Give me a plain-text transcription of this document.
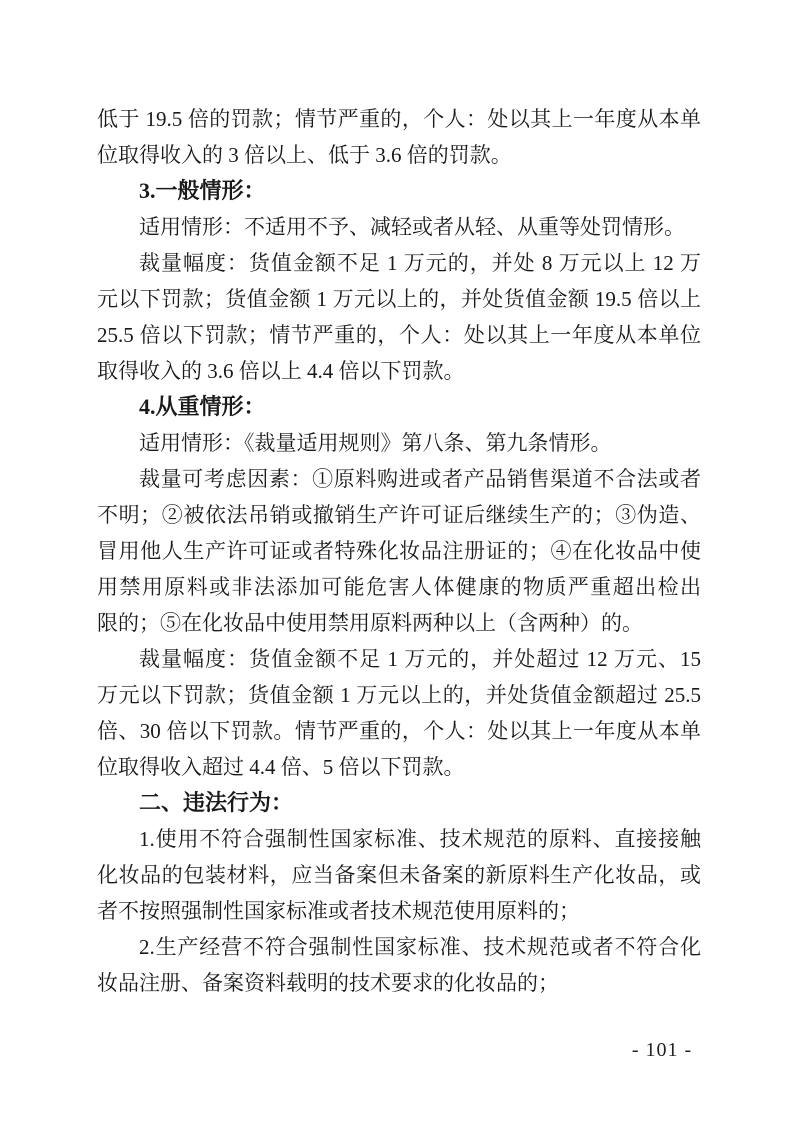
低于 19.5 倍的罚款；情节严重的，个人：处以其上一年度从本单
位取得收入的 3 倍以上、低于 3.6 倍的罚款。
3.一般情形：
适用情形：不适用不予、减轻或者从轻、从重等处罚情形。
裁量幅度：货值金额不足 1 万元的，并处 8 万元以上 12 万
元以下罚款；货值金额 1 万元以上的，并处货值金额 19.5 倍以上
25.5 倍以下罚款；情节严重的，个人：处以其上一年度从本单位
取得收入的 3.6 倍以上 4.4 倍以下罚款。
4.从重情形：
适用情形：《裁量适用规则》第八条、第九条情形。
裁量可考虑因素：①原料购进或者产品销售渠道不合法或者
不明；②被依法吊销或撤销生产许可证后继续生产的；③伪造、
冒用他人生产许可证或者特殊化妆品注册证的；④在化妆品中使
用禁用原料或非法添加可能危害人体健康的物质严重超出检出
限的；⑤在化妆品中使用禁用原料两种以上（含两种）的。
裁量幅度：货值金额不足 1 万元的，并处超过 12 万元、15
万元以下罚款；货值金额 1 万元以上的，并处货值金额超过 25.5
倍、30 倍以下罚款。情节严重的，个人：处以其上一年度从本单
位取得收入超过 4.4 倍、5 倍以下罚款。
二、违法行为：
1.使用不符合强制性国家标准、技术规范的原料、直接接触
化妆品的包装材料，应当备案但未备案的新原料生产化妆品，或
者不按照强制性国家标准或者技术规范使用原料的；
2.生产经营不符合强制性国家标准、技术规范或者不符合化
妆品注册、备案资料载明的技术要求的化妆品的；
- 101 -
